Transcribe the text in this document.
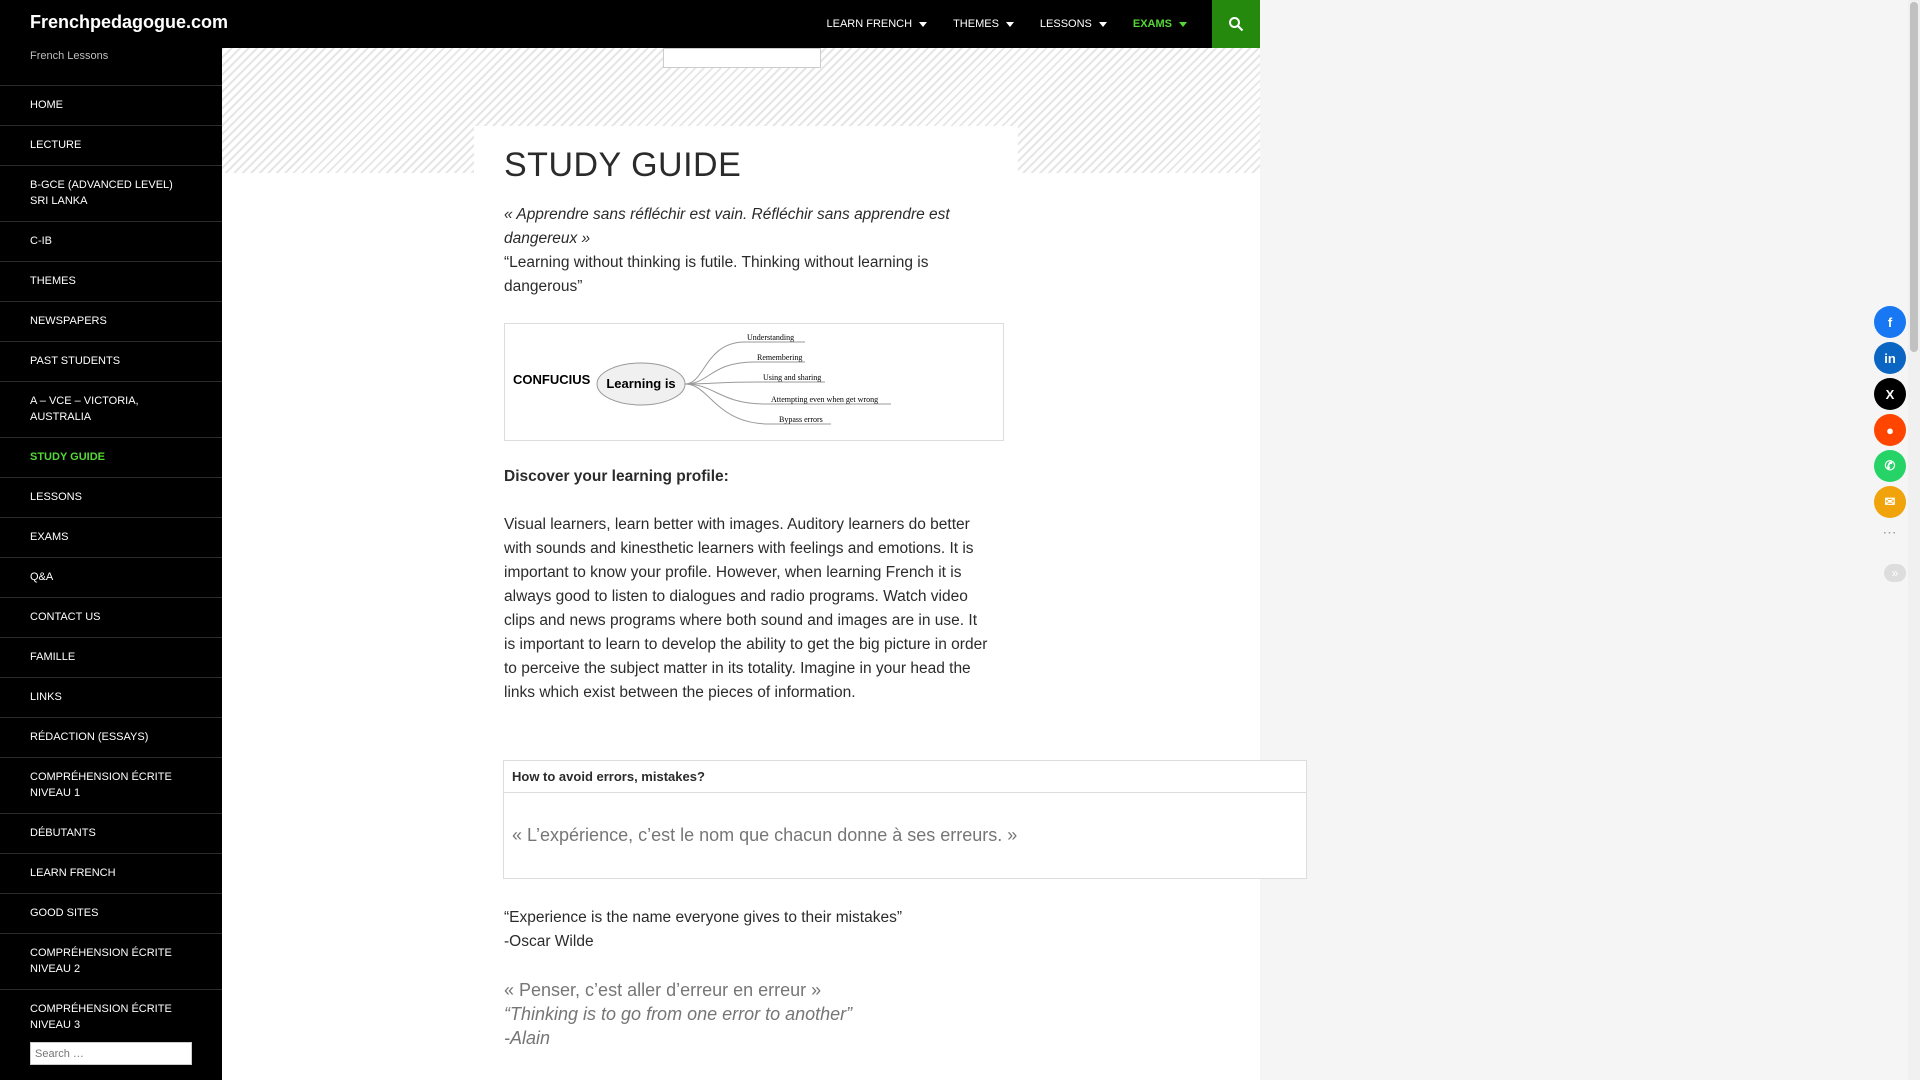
Frenchpedagogue.com	LEARN FRENCH	THEMES	LESSONS	EXAMS
French Lessons
HOME
LECTURE
B-GCE (ADVANCED LEVEL) SRI LANKA
C-IB
THEMES
NEWSPAPERS
PAST STUDENTS
A – VCE – VICTORIA, AUSTRALIA
STUDY GUIDE
LESSONS
EXAMS
Q&A
CONTACT US
FAMILLE
LINKS
RÉDACTION (ESSAYS)
COMPRÉHENSION ÉCRITE NIVEAU 1
DÉBUTANTS
LEARN FRENCH
GOOD SITES
COMPRÉHENSION ÉCRITE NIVEAU 2
COMPRÉHENSION ÉCRITE NIVEAU 3
Search …
STUDY GUIDE

« Apprendre sans réfléchir est vain. Réfléchir sans apprendre est dangereux »

“Learning without thinking is futile. Thinking without learning is dangerous”

CONFUCIUS Learning is
Understanding
Remembering
Using and sharing
Attempting even when get wrong
Bypass errors

Discover your learning profile:

Visual learners, learn better with images. Auditory learners do better with sounds and kinesthetic learners with feelings and emotions. It is important to know your profile. However, when learning French it is always good to listen to dialogues and radio programs. Watch video clips and news programs where both sound and images are in use. It is important to learn to develop the ability to get the big picture in order to perceive the subject matter in its totality. Imagine in your head the links which exist between the pieces of information.

How to avoid errors, mistakes?
« L’expérience, c’est le nom que chacun donne à ses erreurs. »

“Experience is the name everyone gives to their mistakes”

-Oscar Wilde

« Penser, c’est aller d’erreur en erreur »

“Thinking is to go from one error to another”

-Alain

f
in
X
●
✆
✉
⋯
»
